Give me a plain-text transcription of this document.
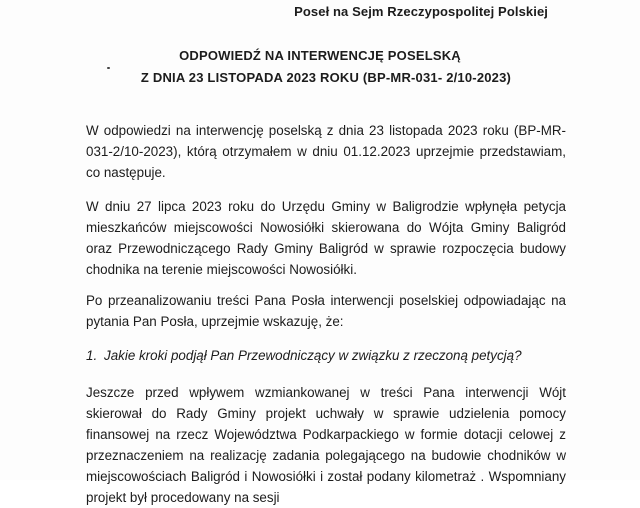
Poseł na Sejm Rzeczypospolitej Polskiej
ODPOWIEDŹ NA INTERWENCJĘ POSELSKĄ
Z DNIA 23 LISTOPADA 2023 ROKU (BP-MR-031- 2/10-2023)

W odpowiedzi na interwencję poselską z dnia 23 listopada 2023 roku (BP-MR-031-2/10-2023), którą otrzymałem w dniu 01.12.2023 uprzejmie przedstawiam, co następuje.

W dniu 27 lipca 2023 roku do Urzędu Gminy w Baligrodzie wpłynęła petycja mieszkańców miejscowości Nowosiółki skierowana do Wójta Gminy Baligród oraz Przewodniczącego Rady Gminy Baligród w sprawie rozpoczęcia budowy chodnika na terenie miejscowości Nowosiółki.

Po przeanalizowaniu treści Pana Posła interwencji poselskiej odpowiadając na pytania Pan Posła, uprzejmie wskazuję, że:

1. Jakie kroki podjął Pan Przewodniczący w związku z rzeczoną petycją?

Jeszcze przed wpływem wzmiankowanej w treści Pana interwencji Wójt skierował do Rady Gminy projekt uchwały w sprawie udzielenia pomocy finansowej na rzecz Województwa Podkarpackiego w formie dotacji celowej z przeznaczeniem na realizację zadania polegającego na budowie chodników w miejscowościach Baligród i Nowosiółki i został podany kilometraż . Wspomniany projekt był procedowany na sesji
